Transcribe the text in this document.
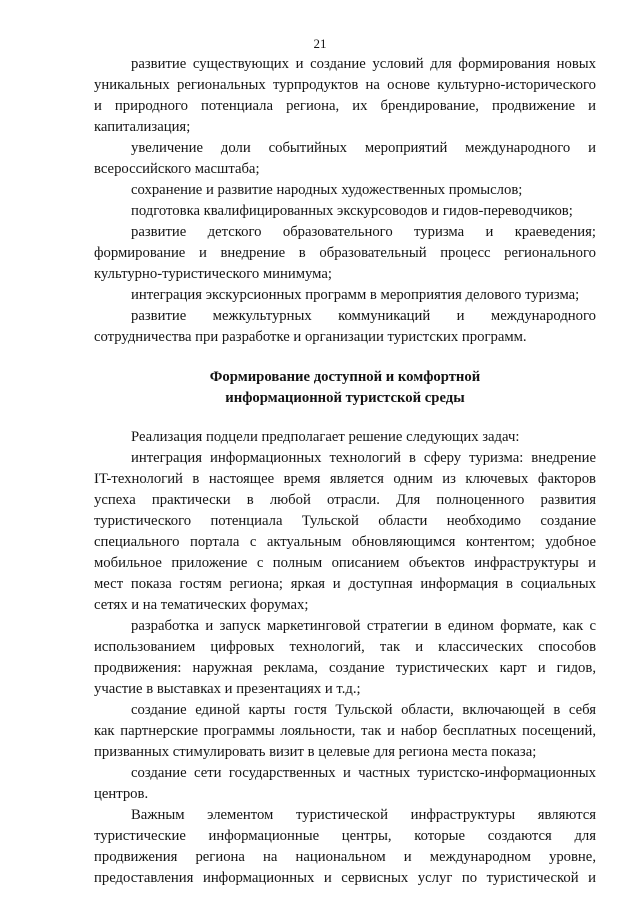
21
развитие существующих и создание условий для формирования новых
уникальных региональных турпродуктов на основе культурно-исторического
и природного потенциала региона, их брендирование, продвижение и
капитализация;
увеличение доли событийных мероприятий международного и
всероссийского масштаба;
сохранение и развитие народных художественных промыслов;
подготовка квалифицированных экскурсоводов и гидов-переводчиков;
развитие детского образовательного туризма и краеведения;
формирование и внедрение в образовательный процесс регионального
культурно-туристического минимума;
интеграция экскурсионных программ в мероприятия делового туризма;
развитие межкультурных коммуникаций и международного
сотрудничества при разработке и организации туристских программ.
Формирование доступной и комфортной
информационной туристской среды
Реализация подцели предполагает решение следующих задач:
интеграция информационных технологий в сферу туризма: внедрение
IT-технологий в настоящее время является одним из ключевых факторов
успеха практически в любой отрасли. Для полноценного развития
туристического потенциала Тульской области необходимо создание
специального портала с актуальным обновляющимся контентом; удобное
мобильное приложение с полным описанием объектов инфраструктуры и
мест показа гостям региона; яркая и доступная информация в социальных
сетях и на тематических форумах;
разработка и запуск маркетинговой стратегии в едином формате, как с
использованием цифровых технологий, так и классических способов
продвижения: наружная реклама, создание туристических карт и гидов,
участие в выставках и презентациях и т.д.;
создание единой карты гостя Тульской области, включающей в себя
как партнерские программы лояльности, так и набор бесплатных посещений,
призванных стимулировать визит в целевые для региона места показа;
создание сети государственных и частных туристско-информационных
центров.
Важным элементом туристической инфраструктуры являются
туристические информационные центры, которые создаются для
продвижения региона на национальном и международном уровне,
предоставления информационных и сервисных услуг по туристической и
